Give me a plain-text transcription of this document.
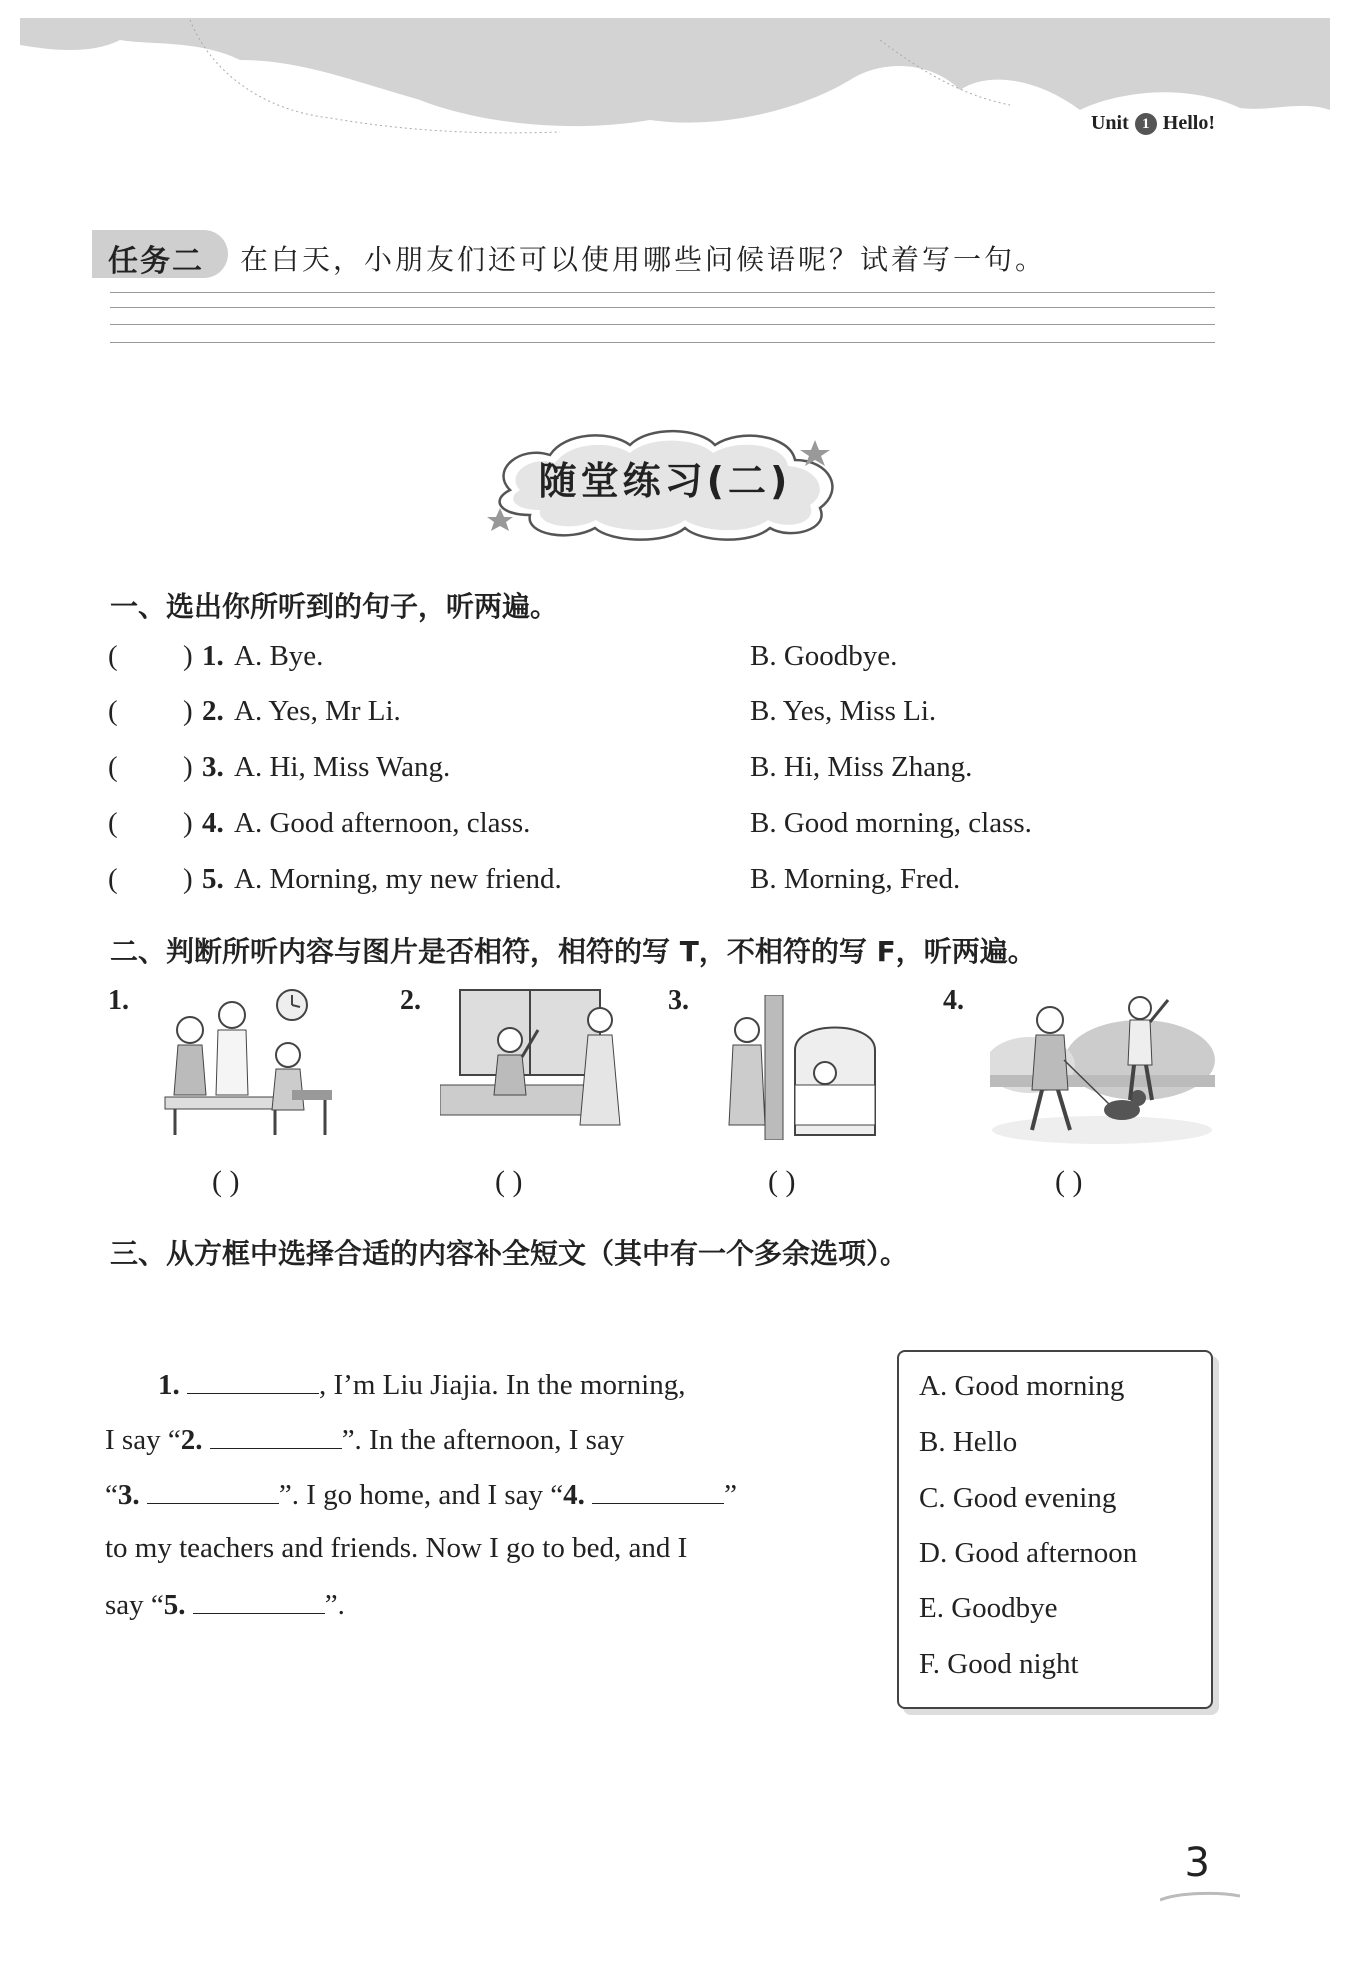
Unit 1 Hello!
任务二 在白天，小朋友们还可以使用哪些问候语呢？试着写一句。
随堂练习(二)
一、选出你所听到的句子，听两遍。
( ) 1. A. Bye.	B. Goodbye.
( ) 2. A. Yes, Mr Li.	B. Yes, Miss Li.
( ) 3. A. Hi, Miss Wang.	B. Hi, Miss Zhang.
( ) 4. A. Good afternoon, class.	B. Good morning, class.
( ) 5. A. Morning, my new friend.	B. Morning, Fred.
二、判断所听内容与图片是否相符，相符的写 T，不相符的写 F，听两遍。
1.
( )
2.
( )
3.
( )
4.
( )
三、从方框中选择合适的内容补全短文（其中有一个多余选项）。
1.	, I’m Liu Jiajia. In the morning,
I say “2.	”. In the afternoon, I say
“3.	”. I go home, and I say “4.	”
to my teachers and friends. Now I go to bed, and I
say “5.	”.
A. Good morning
B. Hello
C. Good evening
D. Good afternoon
E. Goodbye
F. Good night
3
